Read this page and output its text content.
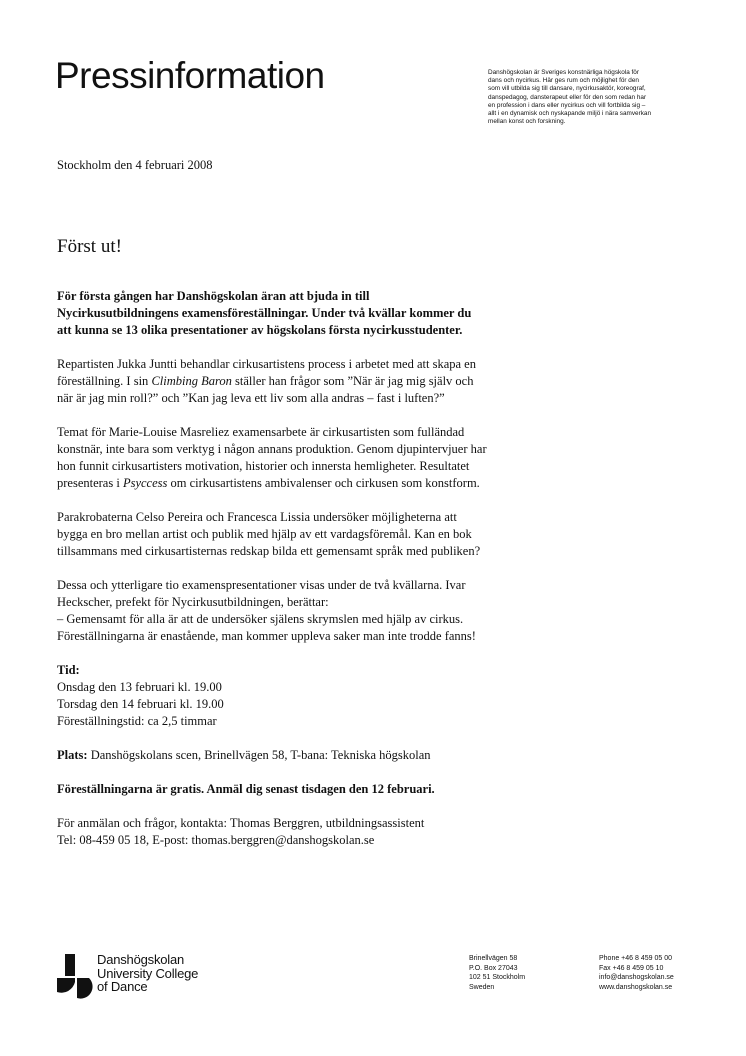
Pressinformation	Danshögskolan är Sveriges konstnärliga högskola för
dans och nycirkus. Här ges rum och möjlighet för den
som vill utbilda sig till dansare, nycirkusaktör, koreograf,
danspedagog, dansterapeut eller för den som redan har
en profession i dans eller nycirkus och vill fortbilda sig –
allt i en dynamisk och nyskapande miljö i nära samverkan
mellan konst och forskning.
Stockholm den 4 februari 2008
Först ut!

För första gången har Danshögskolan äran att bjuda in till
Nycirkusutbildningens examensföreställningar. Under två kvällar kommer du
att kunna se 13 olika presentationer av högskolans första nycirkusstudenter.

Repartisten Jukka Juntti behandlar cirkusartistens process i arbetet med att skapa en
föreställning. I sin Climbing Baron ställer han frågor som ”När är jag mig själv och
när är jag min roll?” och ”Kan jag leva ett liv som alla andras – fast i luften?”

Temat för Marie-Louise Masreliez examensarbete är cirkusartisten som fulländad
konstnär, inte bara som verktyg i någon annans produktion. Genom djupintervjuer har
hon funnit cirkusartisters motivation, historier och innersta hemligheter. Resultatet
presenteras i Psyccess om cirkusartistens ambivalenser och cirkusen som konstform.

Parakrobaterna Celso Pereira och Francesca Lissia undersöker möjligheterna att
bygga en bro mellan artist och publik med hjälp av ett vardagsföremål. Kan en bok
tillsammans med cirkusartisternas redskap bilda ett gemensamt språk med publiken?

Dessa och ytterligare tio examenspresentationer visas under de två kvällarna. Ivar
Heckscher, prefekt för Nycirkusutbildningen, berättar:
– Gemensamt för alla är att de undersöker själens skrymslen med hjälp av cirkus.
Föreställningarna är enastående, man kommer uppleva saker man inte trodde fanns!

Tid:
Onsdag den 13 februari kl. 19.00
Torsdag den 14 februari kl. 19.00
Föreställningstid: ca 2,5 timmar

Plats: Danshögskolans scen, Brinellvägen 58, T-bana: Tekniska högskolan

Föreställningarna är gratis. Anmäl dig senast tisdagen den 12 februari.

För anmälan och frågor, kontakta: Thomas Berggren, utbildningsassistent
Tel: 08-459 05 18, E-post: thomas.berggren@danshogskolan.se

Danshögskolan
University College
of Dance
Brinellvägen 58
P.O. Box 27043
102 51 Stockholm
Sweden
Phone +46 8 459 05 00
Fax +46 8 459 05 10
info@danshogskolan.se
www.danshogskolan.se
